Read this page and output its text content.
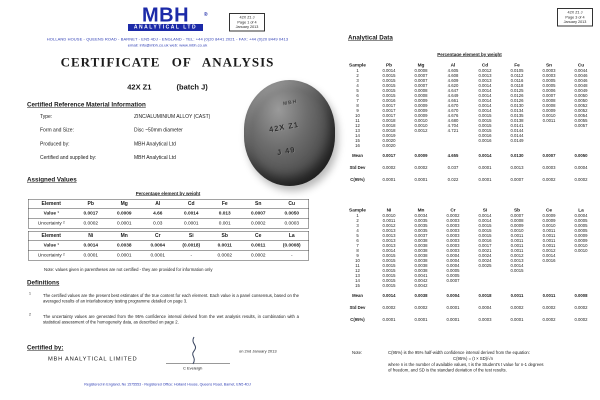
MBH ®
ANALYTICAL LTD
42X Z1 J
Page 1 of 4
January 2013
HOLLAND HOUSE - QUEENS ROAD - BARNET - EN5 4DJ - ENGLAND - TEL: +44 (0)20 8441 2021 - FAX: +44 (0)20 8449 0413
email: info@mbh.co.uk web: www.mbh.co.uk
CERTIFICATE OF ANALYSIS
42X Z1 (batch J)
Certified Reference Material Information
Type:	ZINC/ALUMINIUM ALLOY (CAST)
Form and Size:	Disc ~50mm diameter
Produced by:	MBH Analytical Ltd
Certified and supplied by:	MBH Analytical Ltd
MBH
42X Z1
J 49
Assigned Values
Percentage element by weight
Element	Pb	Mg	Al	Cd	Fe	Sn	Cu
Value ¹	0.0017	0.0009	4.66	0.0014	0.013	0.0007	0.0050
Uncertainty ²	0.0002	0.0001	0.03	0.0001	0.001	0.0002	0.0003
Element	Ni	Mn	Cr	Si	Sb	Ce	La
Value ¹	0.0014	0.0038	0.0004	(0.0018)	0.0011	0.0011	(0.0008)
Uncertainty ²	0.0001	0.0001	0.0001	-	0.0002	0.0002	-
Note: values given in parentheses are not certified - they are provided for information only
Definitions
1 The certified values are the present best estimates of the true content for each element. Each value is a panel consensus, based on the averaged results of an interlaboratory testing programme detailed on page 3.
2 The uncertainty values are generated from the 95% confidence interval derived from the wet analysis results, in combination with a statistical assessment of the homogeneity data, as described on page 2.
Certified by:
MBH ANALYTICAL LIMITED
on 2nd January 2013
C Eveleigh
Registered in England, No 1575553 - Registered Office: Holland House, Queens Road, Barnet, EN5 4DJ
42X Z1 J
Page 3 of 4
January 2013
Analytical Data
Percentage element by weight
Sample	Pb	Mg	Al	Cd	Fe	Sn	Cu
1	0.0014	0.0008	4.605	0.0012	0.0105	0.0003	0.0044
2	0.0015	0.0007	4.608	0.0013	0.0112	0.0003	0.0046
3	0.0015	0.0007	4.609	0.0013	0.0116	0.0005	0.0046
4	0.0015	0.0007	4.620	0.0014	0.0118	0.0005	0.0048
5	0.0015	0.0008	4.647	0.0014	0.0125	0.0006	0.0049
6	0.0015	0.0008	4.649	0.0014	0.0126	0.0007	0.0050
7	0.0016	0.0009	4.661	0.0014	0.0126	0.0008	0.0050
8	0.0017	0.0009	4.670	0.0014	0.0130	0.0008	0.0052
9	0.0017	0.0009	4.670	0.0014	0.0134	0.0009	0.0052
10	0.0017	0.0009	4.676	0.0015	0.0135	0.0010	0.0054
11	0.0018	0.0010	4.680	0.0015	0.0138	0.0011	0.0055
12	0.0018	0.0010	4.704	0.0015	0.0141		0.0057
13	0.0018	0.0012	4.721	0.0015	0.0144		
14	0.0019			0.0016	0.0144		
15	0.0020			0.0016	0.0149		
16	0.0020						
Mean	0.0017	0.0009	4.655	0.0014	0.0130	0.0007	0.0050
Std Dev	0.0002	0.0002	0.037	0.0001	0.0013	0.0003	0.0004
C(95%)	0.0001	0.0001	0.022	0.0001	0.0007	0.0002	0.0002
Sample	Ni	Mn	Cr	Si	Sb	Ce	La
1	0.0010	0.0034	0.0002	0.0014	0.0007	0.0009	0.0004
2	0.0011	0.0035	0.0003	0.0014	0.0008	0.0009	0.0005
3	0.0012	0.0035	0.0003	0.0015	0.0009	0.0010	0.0005
4	0.0013	0.0035	0.0003	0.0015	0.0010	0.0011	0.0005
5	0.0013	0.0037	0.0003	0.0015	0.0011	0.0011	0.0009
6	0.0013	0.0038	0.0003	0.0016	0.0011	0.0011	0.0009
7	0.0013	0.0038	0.0003	0.0017	0.0011	0.0011	0.0010
8	0.0014	0.0038	0.0003	0.0021	0.0011	0.0012	0.0010
9	0.0015	0.0038	0.0004	0.0024	0.0012	0.0014	
10	0.0015	0.0038	0.0004	0.0024	0.0013	0.0016	
11	0.0015	0.0038	0.0004	0.0025	0.0014		
12	0.0015	0.0038	0.0005		0.0015		
13	0.0015	0.0041	0.0005				
14	0.0015	0.0042	0.0007				
15	0.0015	0.0042					
Mean	0.0014	0.0038	0.0004	0.0018	0.0011	0.0011	0.0008
Std Dev	0.0002	0.0002	0.0001	0.0004	0.0002	0.0002	0.0002
C(95%)	0.0001	0.0001	0.0001	0.0003	0.0001	0.0002	0.0002
Note:	C(95%) is the 95% half-width confidence interval derived from the equation:
C(95%) = (t × SD)/√n
where n is the number of available values, t is the Student's t value for n-1 degrees
of freedom, and SD is the standard deviation of the test results.
